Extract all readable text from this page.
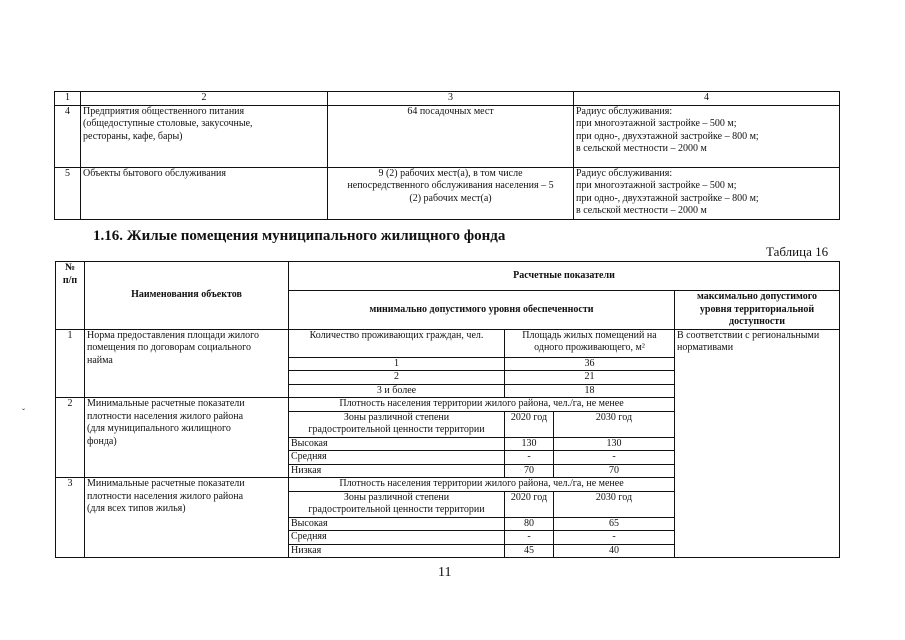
1	2	3	4
4	Предприятия общественного питания
(общедоступные столовые, закусочные,
рестораны, кафе, бары)	64 посадочных мест	Радиус обслуживания:
при многоэтажной застройке – 500 м;
при одно-, двухэтажной застройке – 800 м;
в сельской местности – 2000 м

5	Объекты бытового обслуживания	9 (2) рабочих мест(а), в том числе
непосредственного обслуживания населения – 5
(2) рабочих мест(а)	Радиус обслуживания:
при многоэтажной застройке – 500 м;
при одно-, двухэтажной застройке – 800 м;
в сельской местности – 2000 м
1.16. Жилые помещения муниципального жилищного фонда
Таблица 16
ˇ
№
п/п	Наименования объектов	Расчетные показатели			
		минимально допустимого уровня обеспеченности			максимально допустимого
уровня территориальной
доступности

1	Норма предоставления площади жилого
помещения по договорам социального
найма	Количество проживающих граждан, чел.	Площадь жилых помещений на
одного проживающего, м²		В соответствии с региональными
нормативами

		1	36		
		2	21		
		3 и более	18		
2	Минимальные расчетные показатели
плотности населения жилого района
(для муниципального жилищного
фонда)	Плотность населения территории жилого района, чел./га, не менее			

		Зоны различной степени
градостроительной ценности территории	2020 год	2030 год	
		Высокая	130	130	
		Средняя	-	-	
		Низкая	70	70	
3	Минимальные расчетные показатели
плотности населения жилого района
(для всех типов жилья)	Плотность населения территории жилого района, чел./га, не менее			

		Зоны различной степени
градостроительной ценности территории	2020 год	2030 год	
		Высокая	80	65	
		Средняя	-	-	
		Низкая	45	40	
11
